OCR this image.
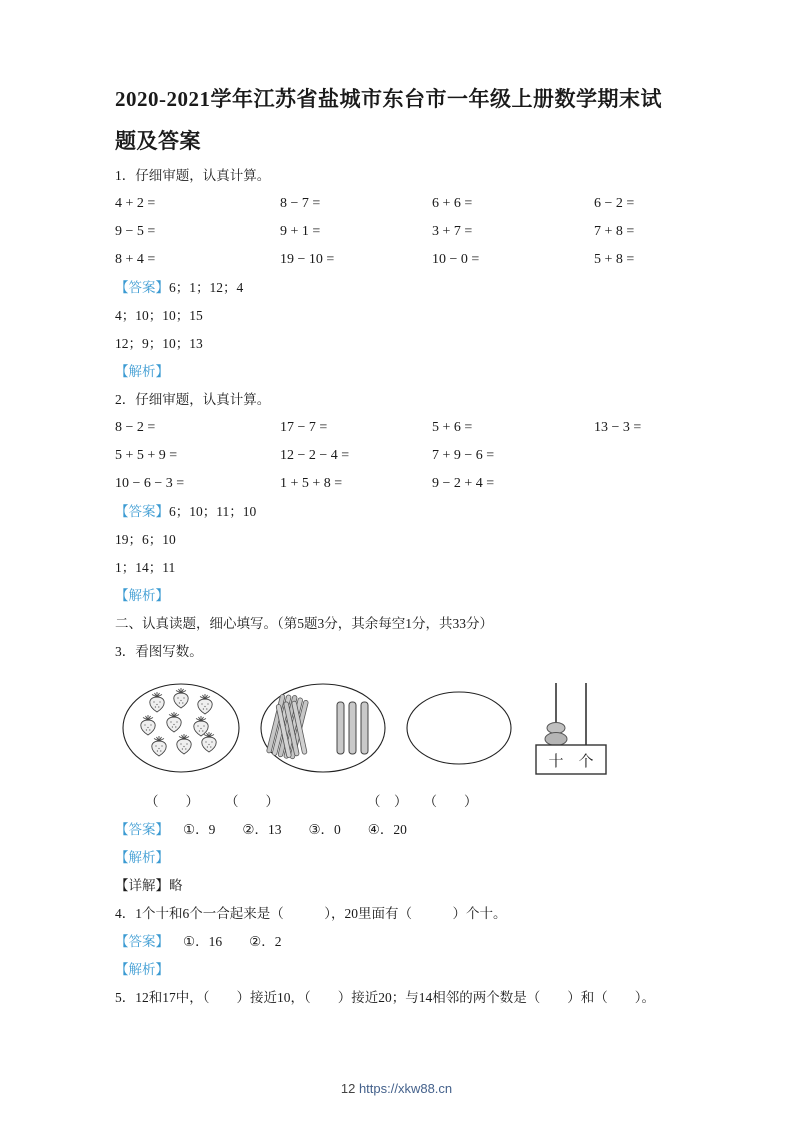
2020-2021学年江苏省盐城市东台市一年级上册数学期末试题及答案

1．仔细审题，认真计算。

4 + 2 =	8 − 7 =	6 + 6 =	6 − 2 =
9 − 5 =	9 + 1 =	3 + 7 =	7 + 8 =
8 + 4 =	19 − 10 =	10 − 0 =	5 + 8 =

【答案】6；1；12；4

4；10；10；15

12；9；10；13

【解析】

2．仔细审题，认真计算。

8 − 2 =	17 − 7 =	5 + 6 =	13 − 3 =
5 + 5 + 9 =	12 − 2 − 4 =	7 + 9 − 6 =
10 − 6 − 3 =	1 + 5 + 8 =	9 − 2 + 4 =

【答案】6；10；11；10

19；6；10

1；14；11

【解析】

二、认真读题，细心填写。（第5题3分，其余每空1分，共33分）

3．看图写数。

十 个
（　　） （　　）	（　） （　　）

【答案】 ①．9　　②．13　　③．0　　④．20

【解析】

【详解】略

4．1个十和6个一合起来是（　　　），20里面有（　　　）个十。

【答案】 ①．16　　②．2

【解析】

5．12和17中，（　　）接近10，（　　）接近20；与14相邻的两个数是（　　）和（　　）。

12 https://xkw88.cn
